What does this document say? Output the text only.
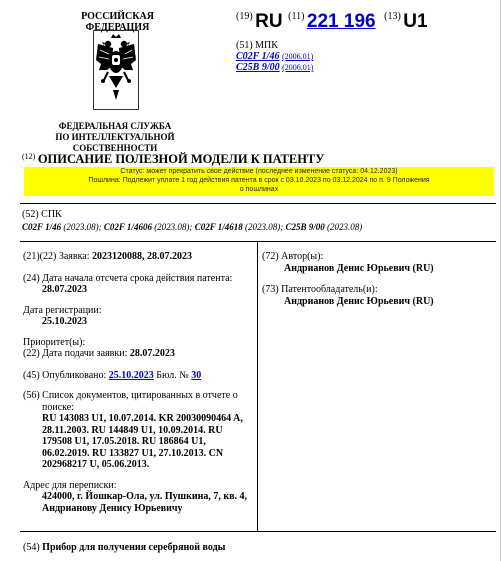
РОССИЙСКАЯ ФЕДЕРАЦИЯ
ФЕДЕРАЛЬНАЯ СЛУЖБА
ПО ИНТЕЛЛЕКТУАЛЬНОЙ СОБСТВЕННОСТИ
(19) RU (11) 221 196 (13) U1
(51) МПК
C02F 1/46 (2006.01)
C25B 9/00 (2006.01)
$^{(12)}$ ОПИСАНИЕ ПОЛЕЗНОЙ МОДЕЛИ К ПАТЕНТУ
Статус: может прекратить свое действие (последнее изменение статуса: 04.12.2023)
Пошлина: Подлежит уплате 1 год действия патента в срок с 03.10.2023 по 03.12.2024 по п. 9 Положения
о пошлинах
(52) СПК
C02F 1/46 (2023.08); C02F 1/4606 (2023.08); C02F 1/4618 (2023.08); C25B 9/00 (2023.08)
(21)(22) Заявка: 2023120088, 28.07.2023
(24) Дата начала отсчета срока действия патента:
28.07.2023
Дата регистрации:
25.10.2023
Приоритет(ы):
(22) Дата подачи заявки: 28.07.2023
(45) Опубликовано: 25.10.2023 Бюл. № 30
(56) Список документов, цитированных в отчете о поиске:
RU 143083 U1, 10.07.2014. KR 20030090464 A, 28.11.2003. RU 144849 U1, 10.09.2014. RU 179508 U1, 17.05.2018. RU 186864 U1, 06.02.2019. RU 133827 U1, 27.10.2013. CN 202968217 U, 05.06.2013.
Адрес для переписки:
424000, г. Йошкар-Ола, ул. Пушкина, 7, кв. 4, Андрианову Денису Юрьевичу
(72) Автор(ы):
Андрианов Денис Юрьевич (RU)
(73) Патентообладатель(и):
Андрианов Денис Юрьевич (RU)
(54) Прибор для получения серебряной воды
